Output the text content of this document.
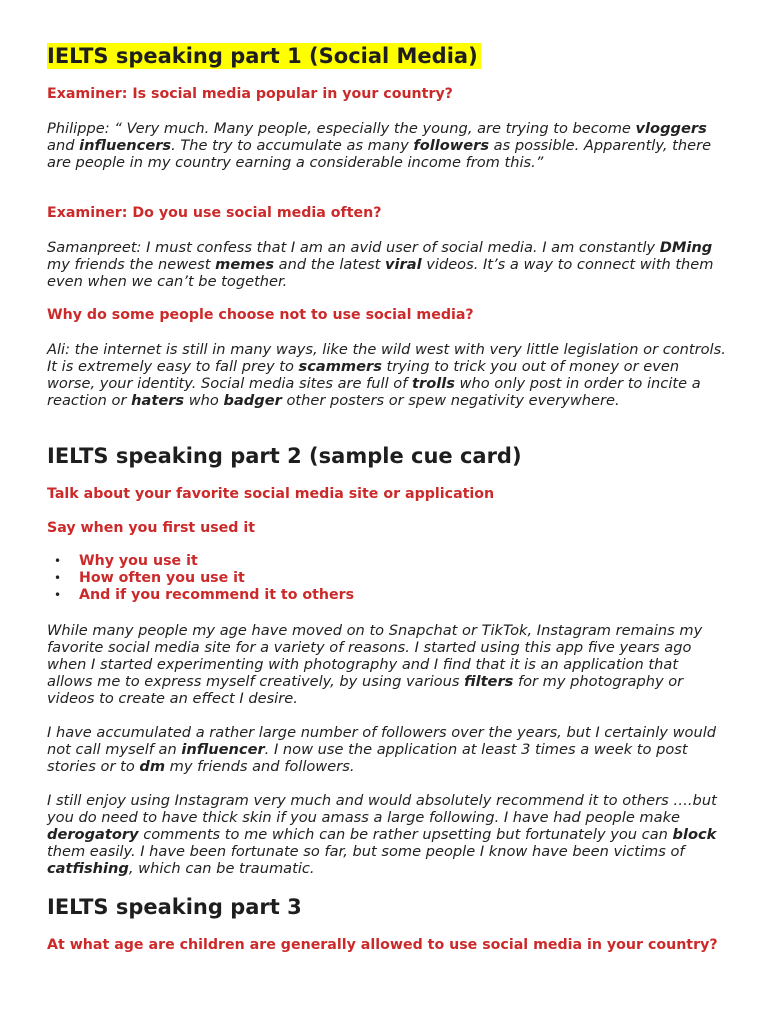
IELTS speaking part 1 (Social Media)

Examiner: Is social media popular in your country?

Philippe: “ Very much. Many people, especially the young, are trying to become vloggers and influencers. The try to accumulate as many followers as possible. Apparently, there are people in my country earning a considerable income from this.”

Examiner: Do you use social media often?

Samanpreet: I must confess that I am an avid user of social media. I am constantly DMing my friends the newest memes and the latest viral videos. It’s a way to connect with them even when we can’t be together.

Why do some people choose not to use social media?

Ali: the internet is still in many ways, like the wild west with very little legislation or controls. It is extremely easy to fall prey to scammers trying to trick you out of money or even worse, your identity. Social media sites are full of trolls who only post in order to incite a reaction or haters who badger other posters or spew negativity everywhere.

IELTS speaking part 2 (sample cue card)

Talk about your favorite social media site or application

Say when you first used it

• Why you use it
• How often you use it
• And if you recommend it to others

While many people my age have moved on to Snapchat or TikTok, Instagram remains my favorite social media site for a variety of reasons. I started using this app five years ago when I started experimenting with photography and I find that it is an application that allows me to express myself creatively, by using various filters for my photography or videos to create an effect I desire.

I have accumulated a rather large number of followers over the years, but I certainly would not call myself an influencer. I now use the application at least 3 times a week to post stories or to dm my friends and followers.

I still enjoy using Instagram very much and would absolutely recommend it to others ….but you do need to have thick skin if you amass a large following. I have had people make derogatory comments to me which can be rather upsetting but fortunately you can block them easily. I have been fortunate so far, but some people I know have been victims of catfishing, which can be traumatic.

IELTS speaking part 3

At what age are children are generally allowed to use social media in your country?
